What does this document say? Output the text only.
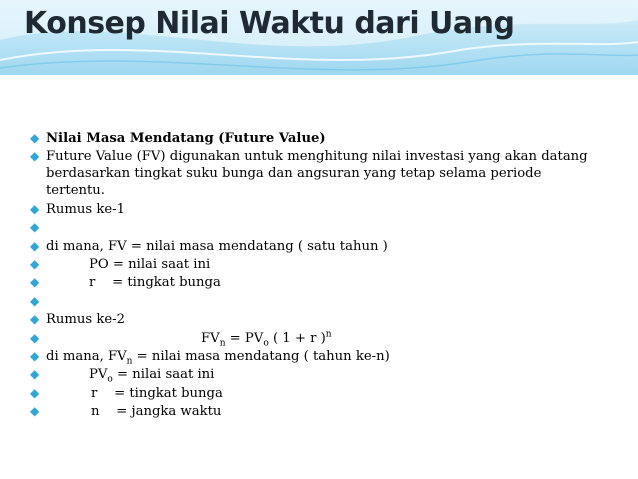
Konsep Nilai Waktu dari Uang
◆ Nilai Masa Mendatang (Future Value)
◆ Future Value (FV) digunakan untuk menghitung nilai investasi yang akan datang berdasarkan tingkat suku bunga dan angsuran yang tetap selama periode tertentu.
◆ Rumus ke-1
◆

◆ di mana, FV = nilai masa mendatang ( satu tahun )
◆	PO = nilai saat ini
◆	r    = tingkat bunga
◆

◆ Rumus ke-2
◆	$FV_n = PV_o$ ( 1 + r )$^n$
◆ di mana, $FV_n$ = nilai masa mendatang ( tahun ke-n)
◆	$PV_o$ = nilai saat ini
◆	r    = tingkat bunga
◆	n    = jangka waktu
